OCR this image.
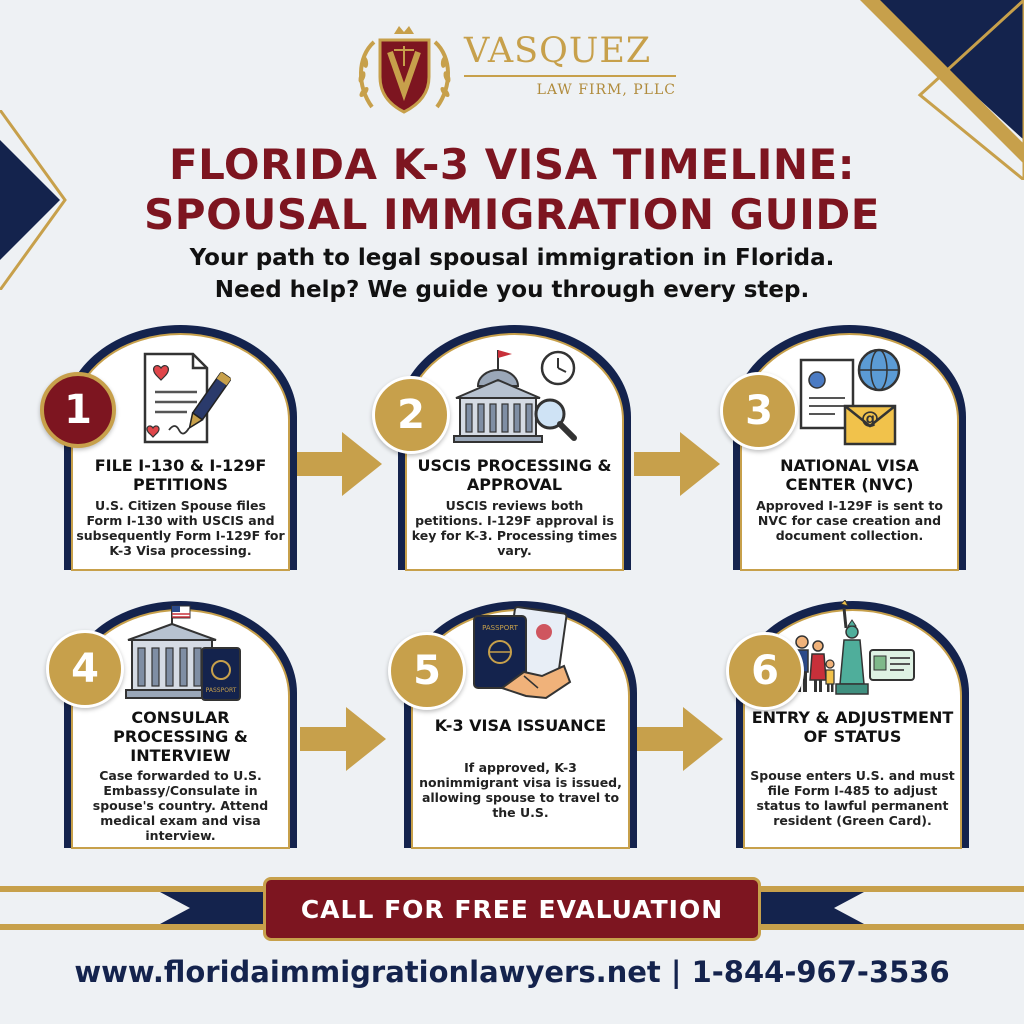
VASQUEZ
LAW FIRM, PLLC
FLORIDA K-3 VISA TIMELINE:
SPOUSAL IMMIGRATION GUIDE
Your path to legal spousal immigration in Florida.
Need help? We guide you through every step.
FILE I-130 & I-129F PETITIONS
U.S. Citizen Spouse files Form I-130 with USCIS and subsequently Form I-129F for K-3 Visa processing.
1
USCIS PROCESSING & APPROVAL
USCIS reviews both petitions. I-129F approval is key for K-3. Processing times vary.
2	@
NATIONAL VISA CENTER (NVC)
Approved I-129F is sent to NVC for case creation and document collection.
3
PASSPORT
CONSULAR PROCESSING & INTERVIEW
Case forwarded to U.S. Embassy/Consulate in spouse's country. Attend medical exam and visa interview.
4
PASSPORT
K-3 VISA ISSUANCE
If approved, K-3 nonimmigrant visa is issued, allowing spouse to travel to the U.S.
5
ENTRY & ADJUSTMENT OF STATUS
Spouse enters U.S. and must file Form I-485 to adjust status to lawful permanent resident (Green Card).
6
CALL FOR FREE EVALUATION
www.floridaimmigrationlawyers.net | 1-844-967-3536
